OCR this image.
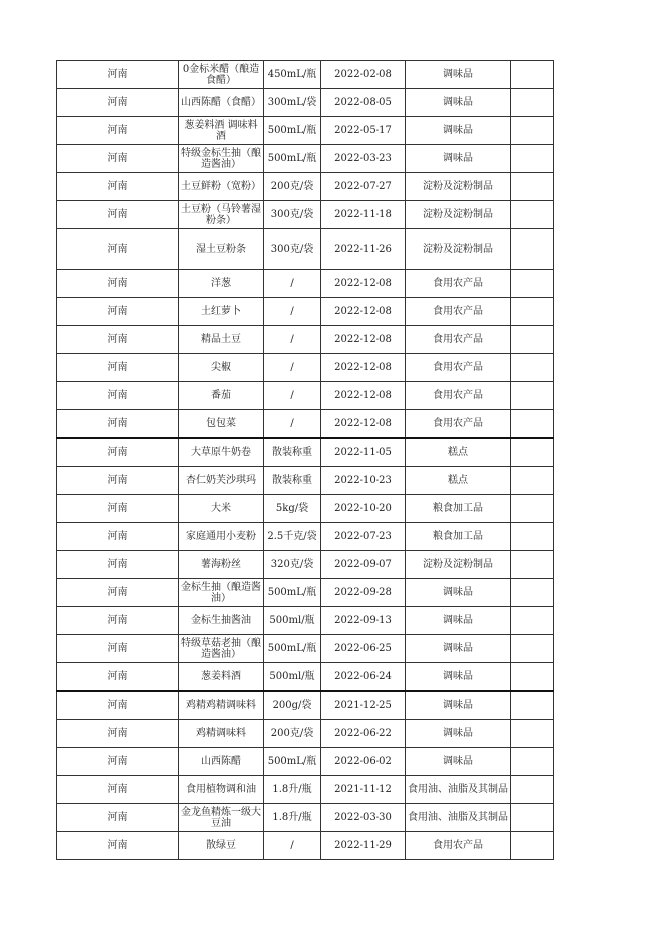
河南	0金标米醋（酿造食醋）	450mL/瓶	2022-02-08	调味品	
河南	山西陈醋（食醋）	300mL/袋	2022-08-05	调味品	
河南	葱姜料酒 调味料酒	500mL/瓶	2022-05-17	调味品	
河南	特级金标生抽（酿造酱油）	500mL/瓶	2022-03-23	调味品	
河南	土豆鲜粉（宽粉）	200克/袋	2022-07-27	淀粉及淀粉制品	
河南	土豆粉（马铃薯湿粉条）	300克/袋	2022-11-18	淀粉及淀粉制品	
河南	湿土豆粉条	300克/袋	2022-11-26	淀粉及淀粉制品	
河南	洋葱	/	2022-12-08	食用农产品	
河南	土红萝卜	/	2022-12-08	食用农产品	
河南	精品土豆	/	2022-12-08	食用农产品	
河南	尖椒	/	2022-12-08	食用农产品	
河南	番茄	/	2022-12-08	食用农产品	
河南	包包菜	/	2022-12-08	食用农产品	
河南	大草原牛奶卷	散装称重	2022-11-05	糕点	
河南	杏仁奶芙沙琪玛	散装称重	2022-10-23	糕点	
河南	大米	5kg/袋	2022-10-20	粮食加工品	
河南	家庭通用小麦粉	2.5千克/袋	2022-07-23	粮食加工品	
河南	薯海粉丝	320克/袋	2022-09-07	淀粉及淀粉制品	
河南	金标生抽（酿造酱油）	500mL/瓶	2022-09-28	调味品	
河南	金标生抽酱油	500ml/瓶	2022-09-13	调味品	
河南	特级草菇老抽（酿造酱油）	500mL/瓶	2022-06-25	调味品	
河南	葱姜料酒	500ml/瓶	2022-06-24	调味品	
河南	鸡精鸡精调味料	200g/袋	2021-12-25	调味品	
河南	鸡精调味料	200克/袋	2022-06-22	调味品	
河南	山西陈醋	500mL/瓶	2022-06-02	调味品	
河南	食用植物调和油	1.8升/瓶	2021-11-12	食用油、油脂及其制品	
河南	金龙鱼精炼一级大豆油	1.8升/瓶	2022-03-30	食用油、油脂及其制品	
河南	散绿豆	/	2022-11-29	食用农产品	
